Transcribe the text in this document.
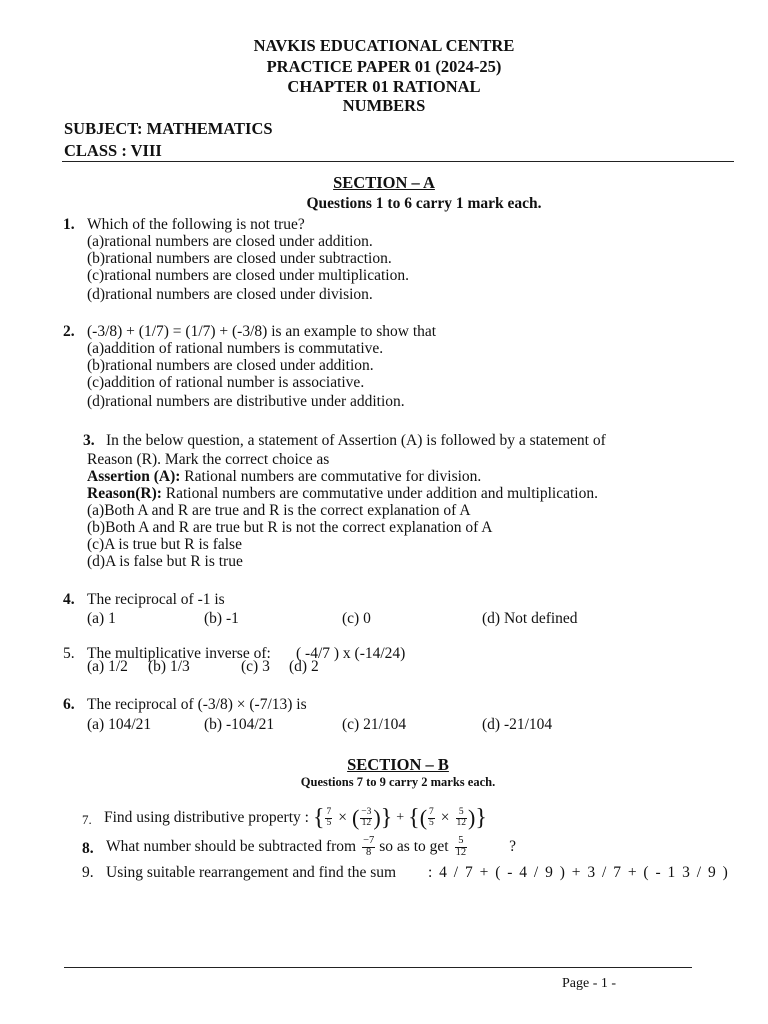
NAVKIS EDUCATIONAL CENTRE
PRACTICE PAPER 01 (2024-25)
CHAPTER 01 RATIONAL
NUMBERS
SUBJECT: MATHEMATICS
CLASS : VIII
SECTION – A
Questions 1 to 6 carry 1 mark each.
1. Which of the following is not true?
(a)rational numbers are closed under addition.
(b)rational numbers are closed under subtraction.
(c)rational numbers are closed under multiplication.
(d)rational numbers are closed under division.
2. (-3/8) + (1/7) = (1/7) + (-3/8) is an example to show that
(a)addition of rational numbers is commutative.
(b)rational numbers are closed under addition.
(c)addition of rational number is associative.
(d)rational numbers are distributive under addition.
3. In the below question, a statement of Assertion (A) is followed by a statement of
Reason (R). Mark the correct choice as
Assertion (A): Rational numbers are commutative for division.
Reason(R): Rational numbers are commutative under addition and multiplication.
(a)Both A and R are true and R is the correct explanation of A
(b)Both A and R are true but R is not the correct explanation of A
(c)A is true but R is false
(d)A is false but R is true
4. The reciprocal of -1 is
(a) 1	(b) -1	(c) 0	(d) Not defined
5. The multiplicative inverse of: ( -4/7 ) x (-14/24)
(a) 1/2 (b) 1/3	(c) 3 (d) 2
6. The reciprocal of (-3/8) × (-7/13) is
(a) 104/21	(b) -104/21	(c) 21/104	(d) -21/104
SECTION – B
Questions 7 to 9 carry 2 marks each.
7. Find using distributive property : { $\frac{7}{5}$ × ( $\frac{-3}{12}$ ) } + { ( $\frac{7}{5} \times \frac{5}{12}$ ) }
8. What number should be subtracted from $\frac{-7}{8}$ so as to get $\frac{5}{12}$	?
9. Using suitable rearrangement and find the sum : 4 / 7 + ( - 4 / 9 ) + 3 / 7 + ( - 1 3 / 9 )
Page - 1 -
